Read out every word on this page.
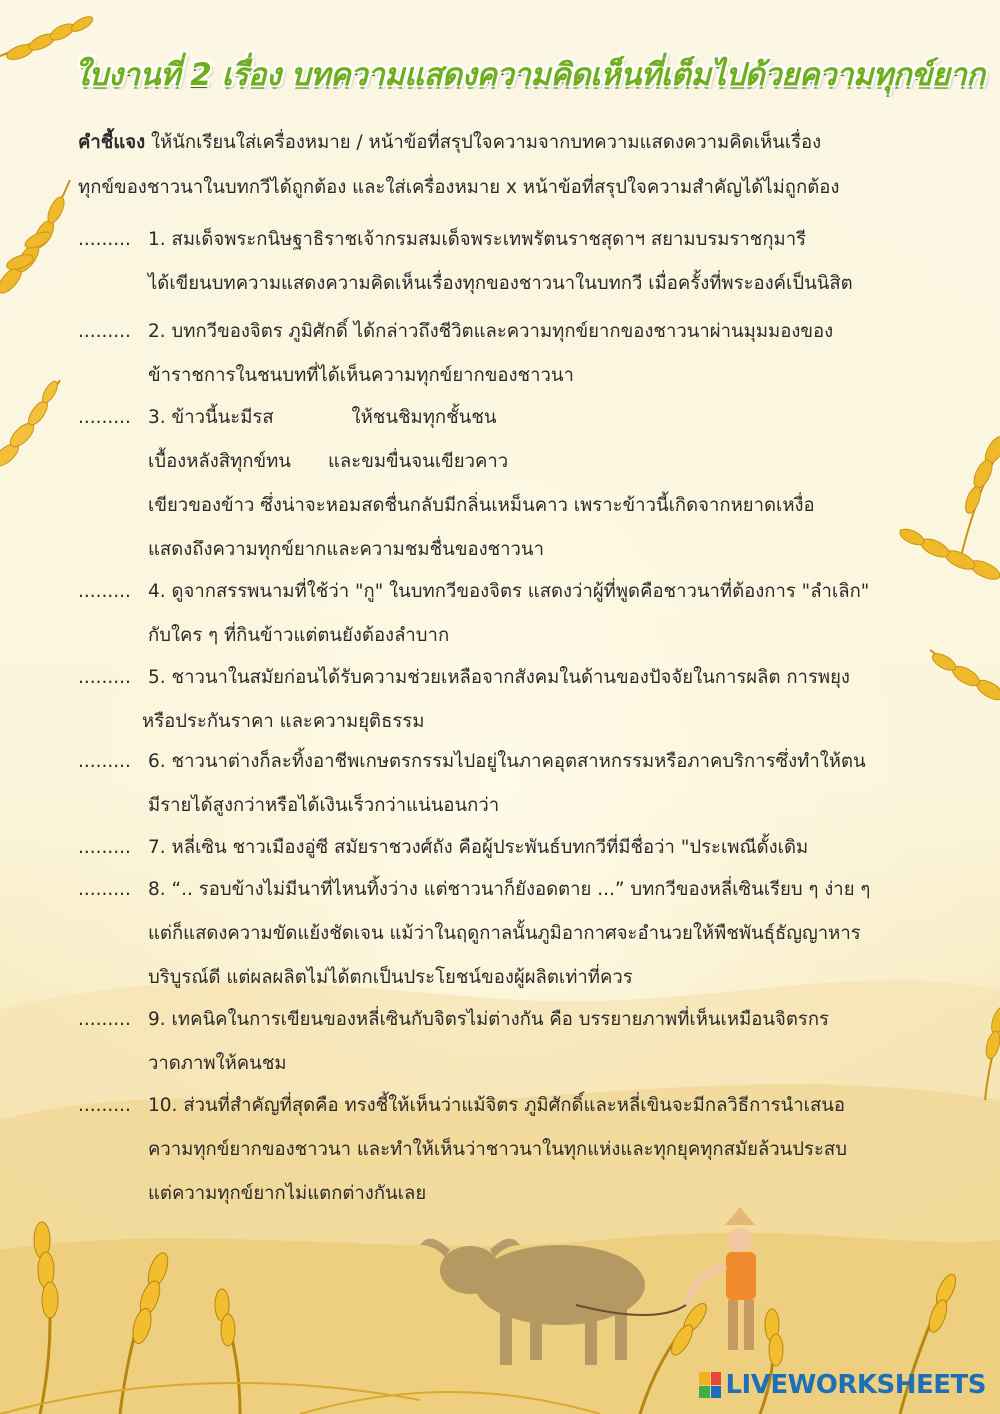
ใบงานที่ 2 เรื่อง บทความแสดงความคิดเห็นที่เต็มไปด้วยความทุกข์ยาก
คำชี้แจง ให้นักเรียนใส่เครื่องหมาย / หน้าข้อที่สรุปใจความจากบทความแสดงความคิดเห็นเรื่อง
ทุกข์ของชาวนาในบทกวีได้ถูกต้อง และใส่เครื่องหมาย x หน้าข้อที่สรุปใจความสำคัญได้ไม่ถูกต้อง
......... 1. สมเด็จพระกนิษฐาธิราชเจ้ากรมสมเด็จพระเทพรัตนราชสุดาฯ สยามบรมราชกุมารี
ได้เขียนบทความแสดงความคิดเห็นเรื่องทุกของชาวนาในบทกวี เมื่อครั้งที่พระองค์เป็นนิสิต
......... 2. บทกวีของจิตร ภูมิศักดิ์ ได้กล่าวถึงชีวิตและความทุกข์ยากของชาวนาผ่านมุมมองของ
ข้าราชการในชนบทที่ได้เห็นความทุกข์ยากของชาวนา
......... 3. ข้าวนี้นะมีรส	ให้ชนชิมทุกชั้นชน
เบื้องหลังสิทุกข์ทน และขมขื่นจนเขียวคาว
เขียวของข้าว ซึ่งน่าจะหอมสดชื่นกลับมีกลิ่นเหม็นคาว เพราะข้าวนี้เกิดจากหยาดเหงื่อ
แสดงถึงความทุกข์ยากและความชมชื่นของชาวนา
......... 4. ดูจากสรรพนามที่ใช้ว่า "กู" ในบทกวีของจิตร แสดงว่าผู้ที่พูดคือชาวนาที่ต้องการ "ลำเลิก"
กับใคร ๆ ที่กินข้าวแต่ตนยังต้องลำบาก
......... 5. ชาวนาในสมัยก่อนได้รับความช่วยเหลือจากสังคมในด้านของปัจจัยในการผลิต การพยุง
หรือประกันราคา และความยุติธรรม
......... 6. ชาวนาต่างก็ละทิ้งอาชีพเกษตรกรรมไปอยู่ในภาคอุตสาหกรรมหรือภาคบริการซึ่งทำให้ตน
มีรายได้สูงกว่าหรือได้เงินเร็วกว่าแน่นอนกว่า
......... 7. หลี่เซิน ชาวเมืองอู่ซี สมัยราชวงศ์ถัง คือผู้ประพันธ์บทกวีที่มีชื่อว่า "ประเพณีดั้งเดิม
......... 8. “.. รอบข้างไม่มีนาที่ไหนทิ้งว่าง แต่ชาวนาก็ยังอดตาย ...” บทกวีของหลี่เซินเรียบ ๆ ง่าย ๆ
แต่ก็แสดงความขัดแย้งชัดเจน แม้ว่าในฤดูกาลนั้นภูมิอากาศจะอำนวยให้พืชพันธุ์ธัญญาหาร
บริบูรณ์ดี แต่ผลผลิตไม่ได้ตกเป็นประโยชน์ของผู้ผลิตเท่าที่ควร
......... 9. เทคนิคในการเขียนของหลี่เซินกับจิตรไม่ต่างกัน คือ บรรยายภาพที่เห็นเหมือนจิตรกร
วาดภาพให้คนชม
......... 10. ส่วนที่สำคัญที่สุดคือ ทรงชี้ให้เห็นว่าแม้จิตร ภูมิศักดิ์และหลี่เขินจะมีกลวิธีการนำเสนอ
ความทุกข์ยากของชาวนา และทำให้เห็นว่าชาวนาในทุกแห่งและทุกยุคทุกสมัยล้วนประสบ
แต่ความทุกข์ยากไม่แตกต่างกันเลย
LIVEWORKSHEETS
